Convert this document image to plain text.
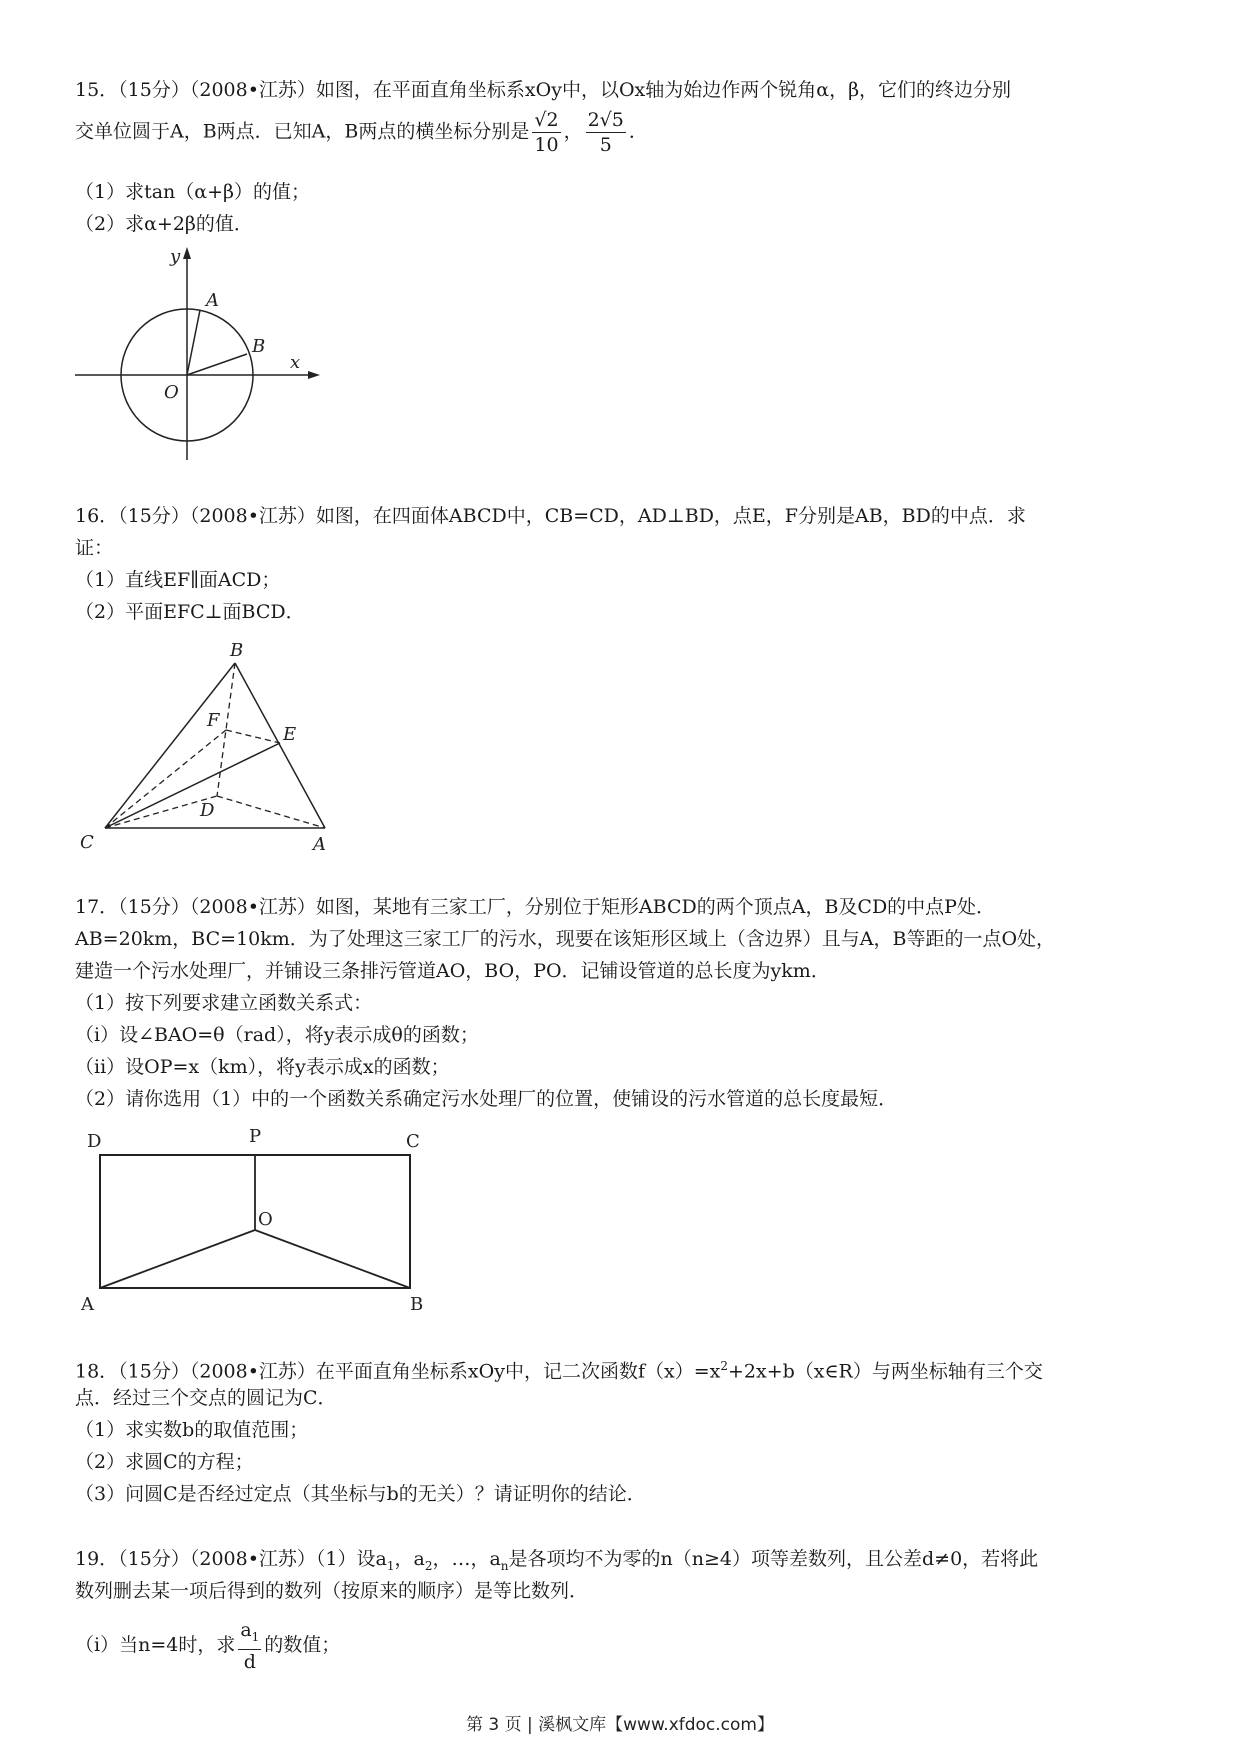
15．（15分）（2008•江苏）如图，在平面直角坐标系xOy中，以Ox轴为始边作两个锐角α，β，它们的终边分别
交单位圆于A，B两点．已知A，B两点的横坐标分别是 $\frac{√2}{10}$ ， $\frac{2√5}{5}$ ．
（1）求tan（α+β）的值；
（2）求α+2β的值．
y
x
O
A
B
16．（15分）（2008•江苏）如图，在四面体ABCD中，CB=CD，AD⊥BD，点E，F分别是AB，BD的中点．求
证：
（1）直线EF∥面ACD；
（2）平面EFC⊥面BCD．
B
F
E
D
C	A
17．（15分）（2008•江苏）如图，某地有三家工厂，分别位于矩形ABCD的两个顶点A，B及CD的中点P处．
AB=20km，BC=10km．为了处理这三家工厂的污水，现要在该矩形区域上（含边界）且与A，B等距的一点O处，
建造一个污水处理厂，并铺设三条排污管道AO，BO，PO．记铺设管道的总长度为ykm．
（1）按下列要求建立函数关系式：
（i）设∠BAO=θ（rad），将y表示成θ的函数；
（ii）设OP=x（km），将y表示成x的函数；
（2）请你选用（1）中的一个函数关系确定污水处理厂的位置，使铺设的污水管道的总长度最短．
D	P	C
O
A	B
18．（15分）（2008•江苏）在平面直角坐标系xOy中，记二次函数$f(x)=x^2+2x+b(x\in R)$与两坐标轴有三个交
点．经过三个交点的圆记为C．
（1）求实数b的取值范围；
（2）求圆C的方程；
（3）问圆C是否经过定点（其坐标与b的无关）？请证明你的结论．
19．（15分）（2008•江苏）（1）设$a_1$，$a_2$，…，$a_n$是各项均不为零的n（n≥4）项等差数列，且公差d≠0，若将此
数列删去某一项后得到的数列（按原来的顺序）是等比数列．
（i）当n=4时，求 $\frac{a_1}{d}$ 的数值；
第 3 页 | 溪枫文库【www.xfdoc.com】
